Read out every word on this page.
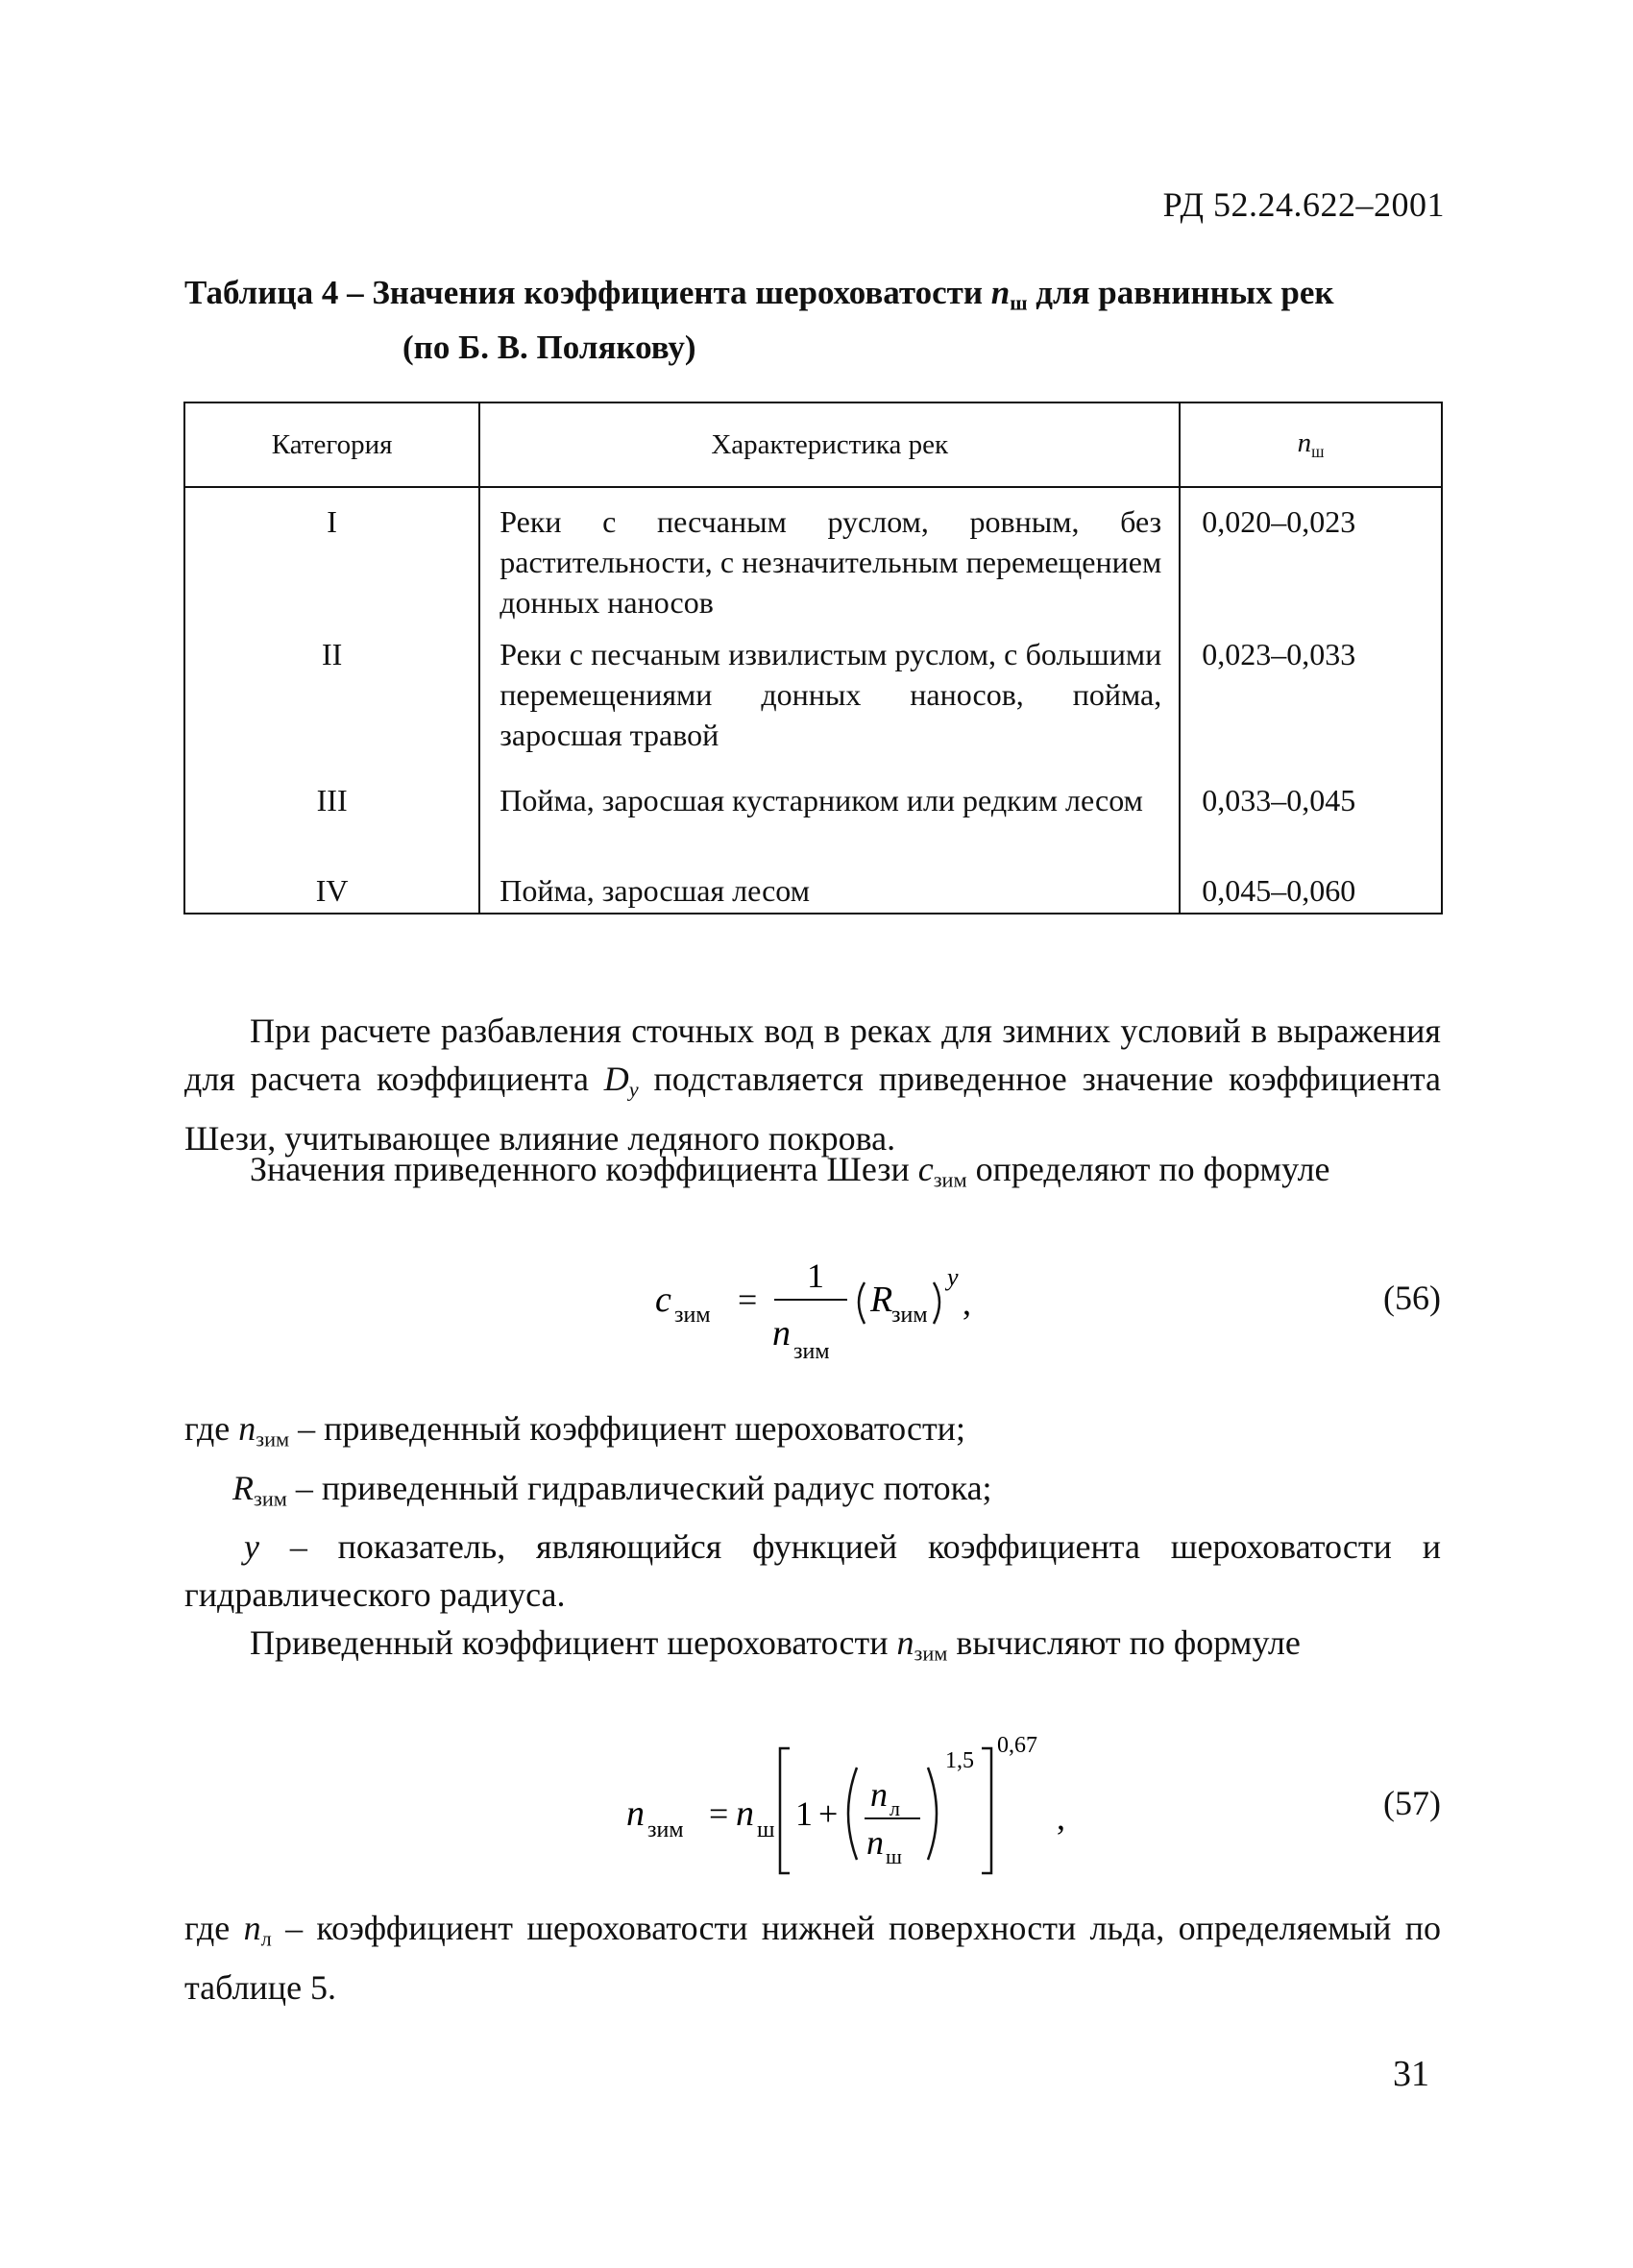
РД 52.24.622–2001
Таблица 4 – Значения коэффициента шероховатости $n_ш$ для равнинных рек
(по Б. В. Полякову)
Категория	Характеристика рек	$n_ш$
I	Реки с песчаным руслом, ровным, без растительности, с незначительным перемещением донных наносов	0,020–0,023
II	Реки с песчаным извилистым руслом, с большими перемещениями донных наносов, пойма, заросшая травой	0,023–0,033
III	Пойма, заросшая кустарником или редким лесом	0,033–0,045
IV	Пойма, заросшая лесом	0,045–0,060
При расчете разбавления сточных вод в реках для зимних условий в выражения для расчета коэффициента $D_y$ подставляется приведенное значение коэффициента Шези, учитывающее влияние ледяного покрова.
Значения приведенного коэффициента Шези $c_{зим}$ определяют по формуле
c зим =
1
n зим
R
зим
y
,	(56)
где $n_{зим}$ – приведенный коэффициент шероховатости;
$R_{зим}$ – приведенный гидравлический радиус потока;
y – показатель, являющийся функцией коэффициента шероховатости и гидравлического радиуса.
Приведенный коэффициент шероховатости $n_{зим}$ вычисляют по формуле
n зим = n ш 1 + n л
n ш
1,5
0,67
,	(57)
где $n_л$ – коэффициент шероховатости нижней поверхности льда, определяемый по таблице 5.
31
